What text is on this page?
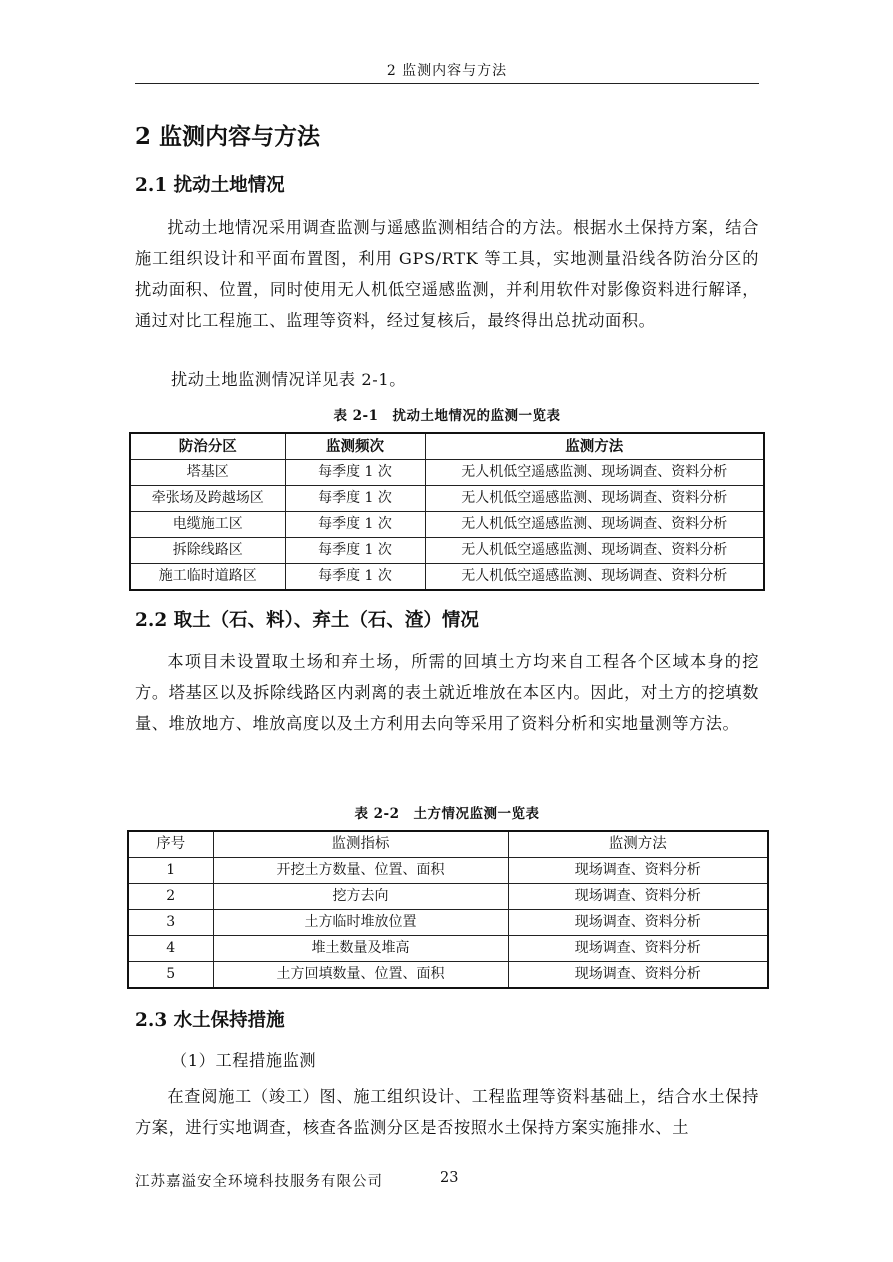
2 监测内容与方法
2 监测内容与方法
2.1 扰动土地情况

扰动土地情况采用调查监测与遥感监测相结合的方法。根据水土保持方案，结合施工组织设计和平面布置图，利用 GPS/RTK 等工具，实地测量沿线各防治分区的扰动面积、位置，同时使用无人机低空遥感监测，并利用软件对影像资料进行解译，通过对比工程施工、监理等资料，经过复核后，最终得出总扰动面积。

扰动土地监测情况详见表 2-1。
表 2-1　扰动土地情况的监测一览表
防治分区	监测频次	监测方法
塔基区	每季度 1 次	无人机低空遥感监测、现场调查、资料分析
牵张场及跨越场区	每季度 1 次	无人机低空遥感监测、现场调查、资料分析
电缆施工区	每季度 1 次	无人机低空遥感监测、现场调查、资料分析
拆除线路区	每季度 1 次	无人机低空遥感监测、现场调查、资料分析
施工临时道路区	每季度 1 次	无人机低空遥感监测、现场调查、资料分析
2.2 取土（石、料）、弃土（石、渣）情况

本项目未设置取土场和弃土场，所需的回填土方均来自工程各个区域本身的挖方。塔基区以及拆除线路区内剥离的表土就近堆放在本区内。因此，对土方的挖填数量、堆放地方、堆放高度以及土方利用去向等采用了资料分析和实地量测等方法。

表 2-2　土方情况监测一览表
序号	监测指标	监测方法
1	开挖土方数量、位置、面积	现场调查、资料分析
2	挖方去向	现场调查、资料分析
3	土方临时堆放位置	现场调查、资料分析
4	堆土数量及堆高	现场调查、资料分析
5	土方回填数量、位置、面积	现场调查、资料分析
2.3 水土保持措施
（1）工程措施监测

在查阅施工（竣工）图、施工组织设计、工程监理等资料基础上，结合水土保持方案，进行实地调查，核查各监测分区是否按照水土保持方案实施排水、土

江苏嘉溢安全环境科技服务有限公司	23
